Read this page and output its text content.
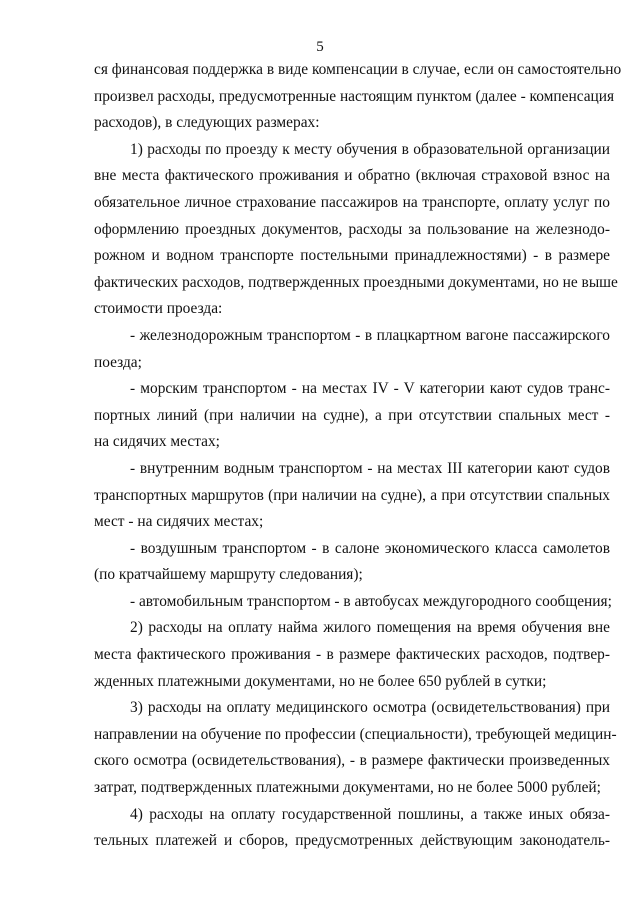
5
ся финансовая поддержка в виде компенсации в случае, если он самостоятельно
произвел расходы, предусмотренные настоящим пунктом (далее - компенсация
расходов), в следующих размерах:
1) расходы по проезду к месту обучения в образовательной организации
вне места фактического проживания и обратно (включая страховой взнос на
обязательное личное страхование пассажиров на транспорте, оплату услуг по
оформлению проездных документов, расходы за пользование на железнодо-
рожном и водном транспорте постельными принадлежностями) - в размере
фактических расходов, подтвержденных проездными документами, но не выше
стоимости проезда:
- железнодорожным транспортом - в плацкартном вагоне пассажирского
поезда;
- морским транспортом - на местах IV - V категории кают судов транс-
портных линий (при наличии на судне), а при отсутствии спальных мест -
на сидячих местах;
- внутренним водным транспортом - на местах III категории кают судов
транспортных маршрутов (при наличии на судне), а при отсутствии спальных
мест - на сидячих местах;
- воздушным транспортом - в салоне экономического класса самолетов
(по кратчайшему маршруту следования);
- автомобильным транспортом - в автобусах междугородного сообщения;
2) расходы на оплату найма жилого помещения на время обучения вне
места фактического проживания - в размере фактических расходов, подтвер-
жденных платежными документами, но не более 650 рублей в сутки;
3) расходы на оплату медицинского осмотра (освидетельствования) при
направлении на обучение по профессии (специальности), требующей медицин-
ского осмотра (освидетельствования), - в размере фактически произведенных
затрат, подтвержденных платежными документами, но не более 5000 рублей;
4) расходы на оплату государственной пошлины, а также иных обяза-
тельных платежей и сборов, предусмотренных действующим законодатель-
